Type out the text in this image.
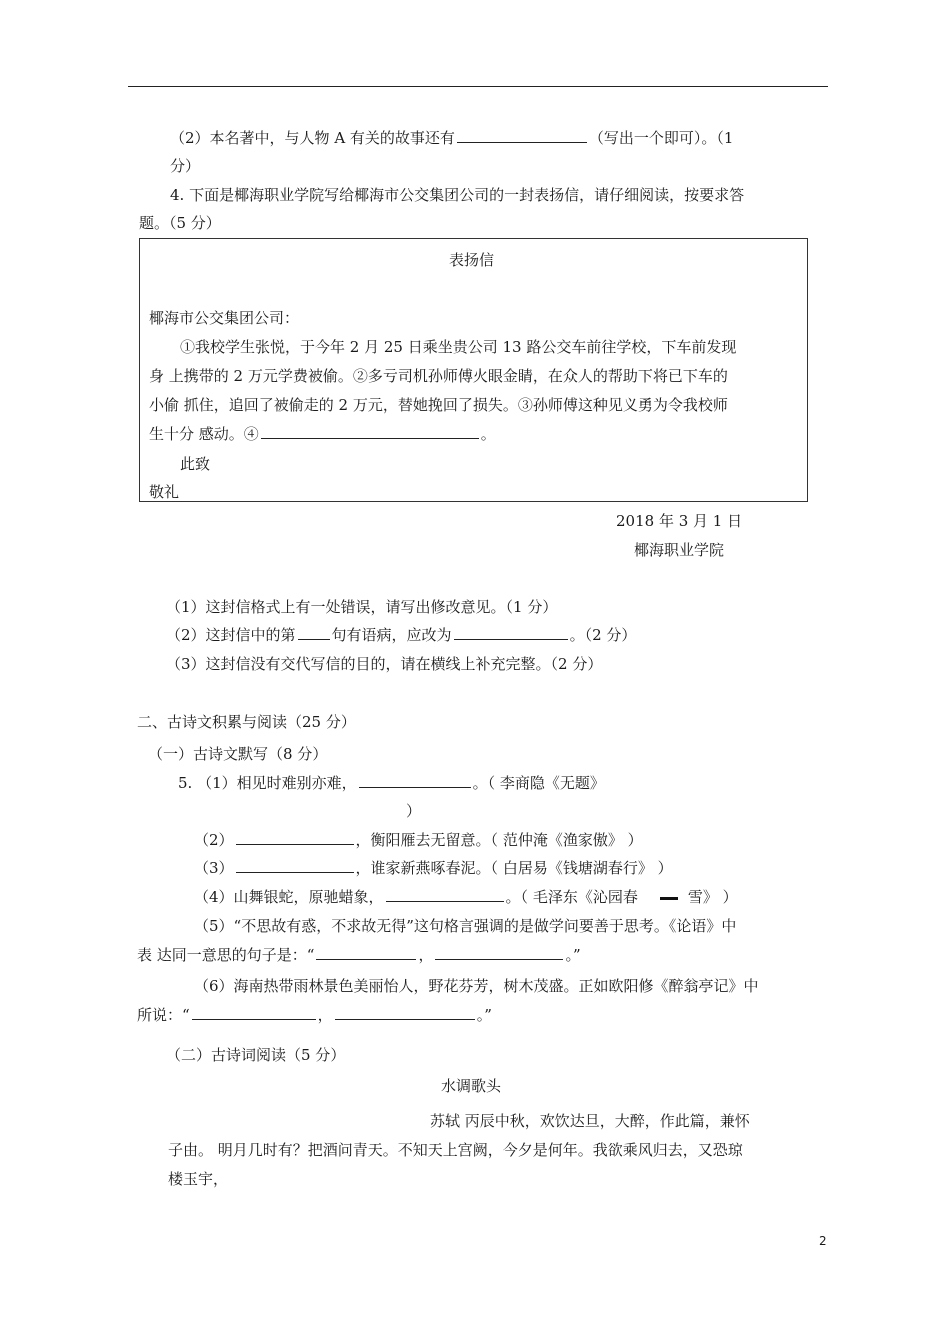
（2）本名著中，与人物 A 有关的故事还有	（写出一个即可）。（1
分）
4. 下面是椰海职业学院写给椰海市公交集团公司的一封表扬信，请仔细阅读，按要求答
题。（5 分）
表扬信
椰海市公交集团公司：
①我校学生张悦，于今年 2 月 25 日乘坐贵公司 13 路公交车前往学校，下车前发现
身 上携带的 2 万元学费被偷。②多亏司机孙师傅火眼金睛，在众人的帮助下将已下车的
小偷 抓住，追回了被偷走的 2 万元，替她挽回了损失。③孙师傅这种见义勇为令我校师
生十分 感动。④	。
此致
敬礼
2018 年 3 月 1 日
椰海职业学院
（1）这封信格式上有一处错误，请写出修改意见。（1 分）
（2）这封信中的第 句有语病，应改为	。（2 分）
（3）这封信没有交代写信的目的，请在横线上补充完整。（2 分）
二、古诗文积累与阅读（25 分）
（一）古诗文默写（8 分）
5. （1）相见时难别亦难，	。（ 李商隐《无题》
）
（2）	，衡阳雁去无留意。（ 范仲淹《渔家傲》 ）
（3）	，谁家新燕啄春泥。（ 白居易《钱塘湖春行》 ）
（4）山舞银蛇，原驰蜡象，	。（ 毛泽东《沁园春	雪》 ）
（5）“不思故有惑，不求故无得”这句格言强调的是做学问要善于思考。《论语》中
表 达同一意思的句子是：“	，	。”
（6）海南热带雨林景色美丽怡人，野花芬芳，树木茂盛。正如欧阳修《醉翁亭记》中
所说：“	，	。”
（二）古诗词阅读（5 分）
水调歌头
苏轼 丙辰中秋，欢饮达旦，大醉，作此篇，兼怀
子由。 明月几时有？把酒问青天。不知天上宫阙，今夕是何年。我欲乘风归去，又恐琼
楼玉宇，
2
